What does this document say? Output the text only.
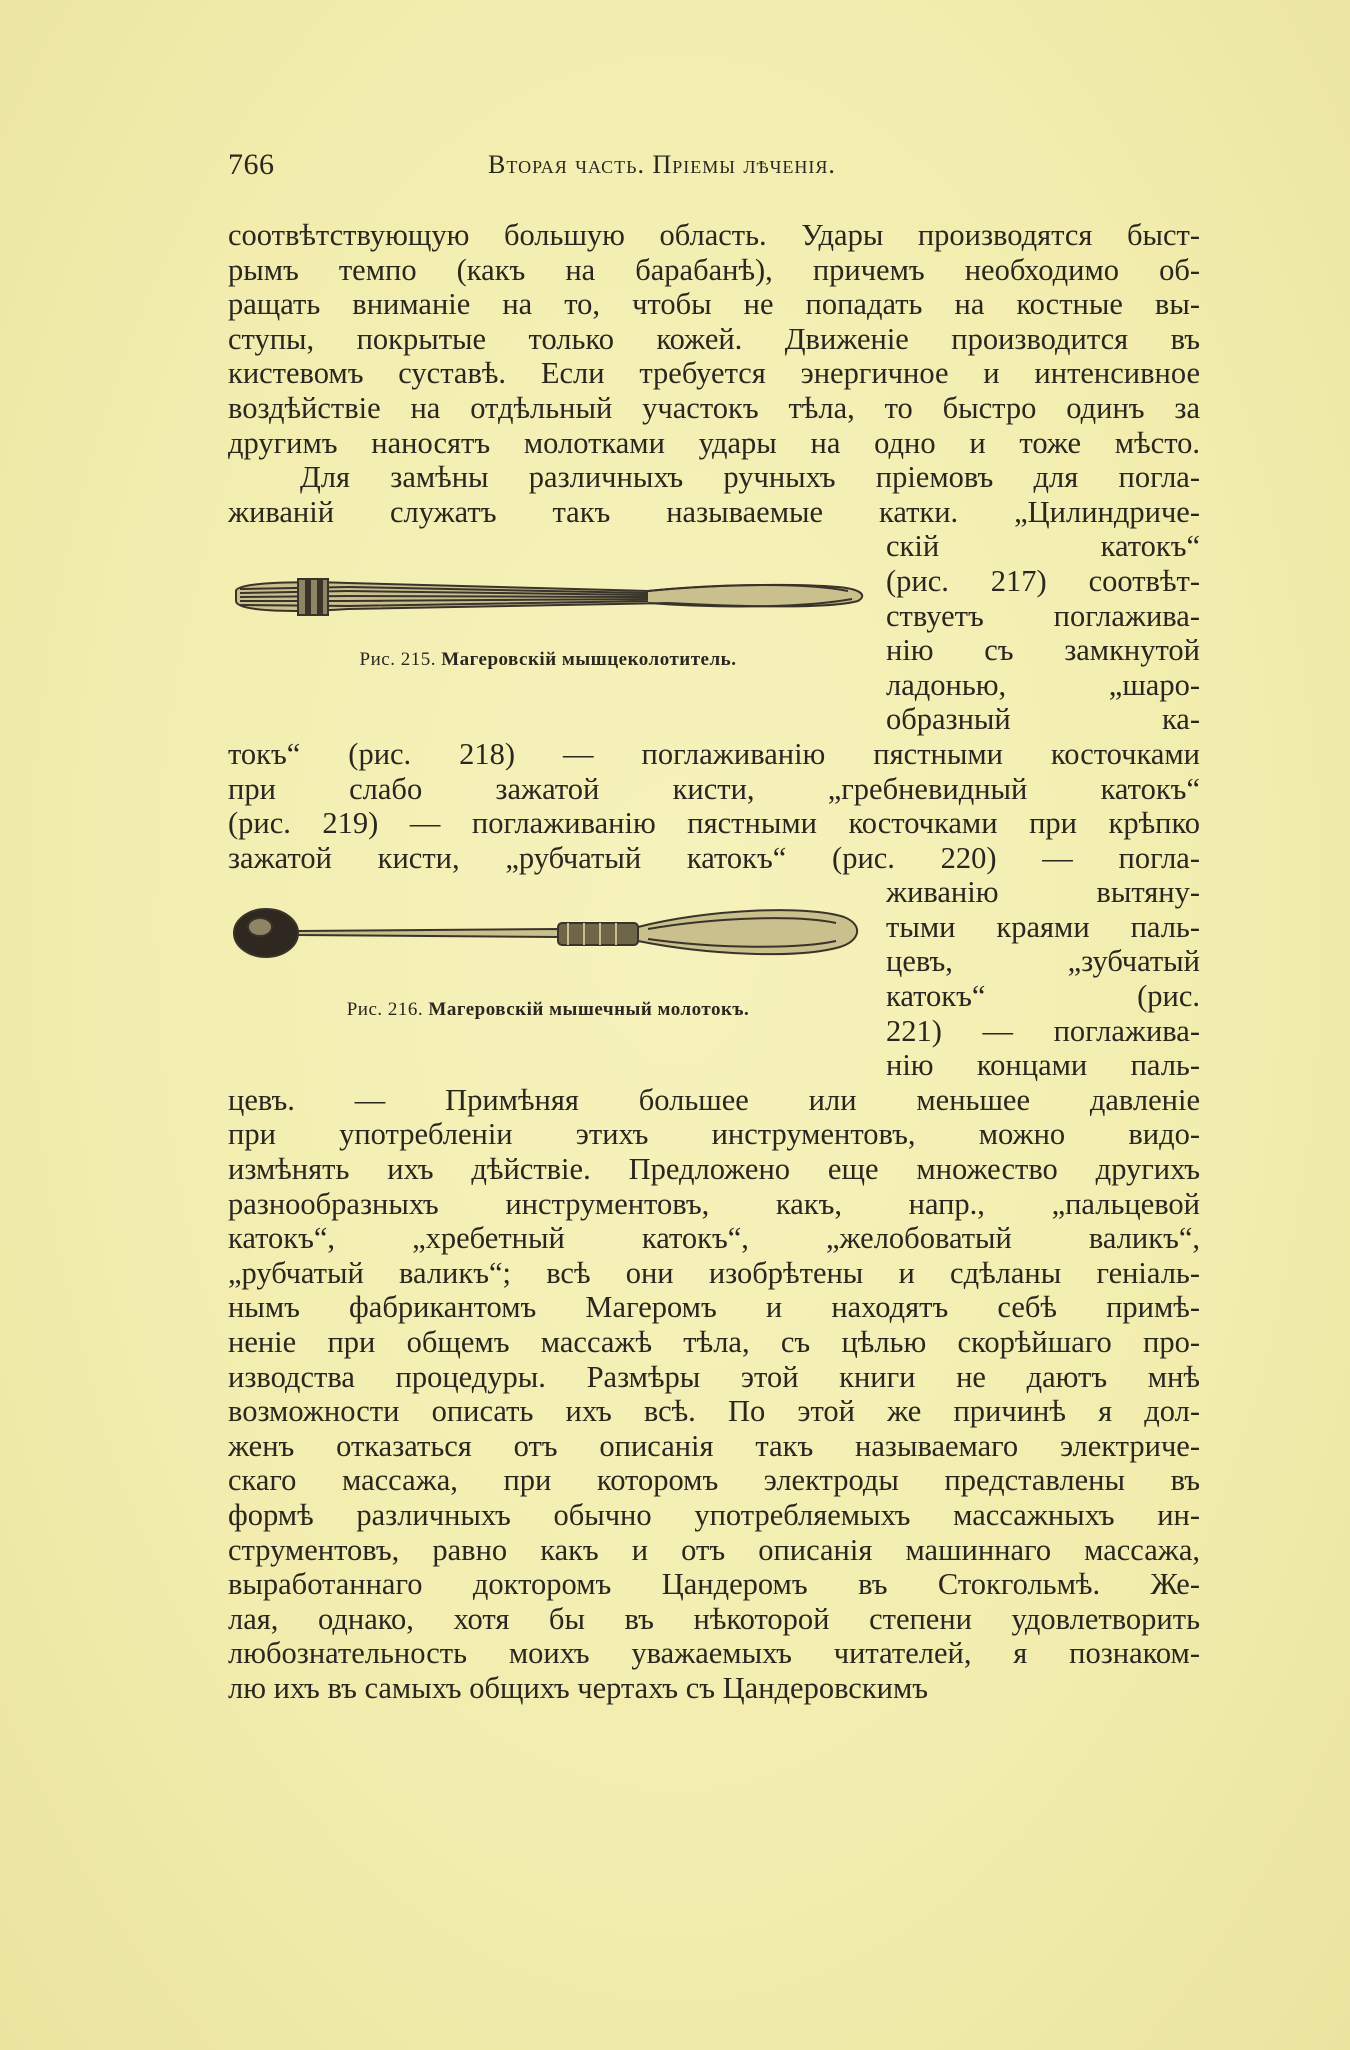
766	Вторая часть. Пріемы лѣченія.
соотвѣтствующую большую область. Удары производятся быст-
рымъ темпо (какъ на барабанѣ), причемъ необходимо об-
ращать вниманіе на то, чтобы не попадать на костные вы-
ступы, покрытые только кожей. Движеніе производится въ
кистевомъ суставѣ. Если требуется энергичное и интенсивное
воздѣйствіе на отдѣльный участокъ тѣла, то быстро одинъ за
другимъ наносятъ молотками удары на одно и тоже мѣсто.
Для замѣны различныхъ ручныхъ пріемовъ для погла-
живаній служатъ такъ называемые катки. „Цилиндриче-
Рис. 215. Магеровскій мышцеколотитель.
скій катокъ“
(рис. 217) соотвѣт-
ствуетъ поглажива-
нію съ замкнутой
ладонью, „шаро-
образный ка-
токъ“ (рис. 218) — поглаживанію пястными косточками
при слабо зажатой кисти, „гребневидный катокъ“
(рис. 219) — поглаживанію пястными косточками при крѣпко
зажатой кисти, „рубчатый катокъ“ (рис. 220) — погла-
Рис. 216. Магеровскій мышечный молотокъ.
живанію вытяну-
тыми краями паль-
цевъ, „зубчатый
катокъ“ (рис.
221) — поглажива-
нію концами паль-
цевъ. — Примѣняя большее или меньшее давленіе
при употребленіи этихъ инструментовъ, можно видо-
измѣнять ихъ дѣйствіе. Предложено еще множество другихъ
разнообразныхъ инструментовъ, какъ, напр., „пальцевой
катокъ“, „хребетный катокъ“, „желобоватый валикъ“,
„рубчатый валикъ“; всѣ они изобрѣтены и сдѣланы геніаль-
нымъ фабрикантомъ Магеромъ и находятъ себѣ примѣ-
неніе при общемъ массажѣ тѣла, съ цѣлью скорѣйшаго про-
изводства процедуры. Размѣры этой книги не даютъ мнѣ
возможности описать ихъ всѣ. По этой же причинѣ я дол-
женъ отказаться отъ описанія такъ называемаго электриче-
скаго массажа, при которомъ электроды представлены въ
формѣ различныхъ обычно употребляемыхъ массажныхъ ин-
струментовъ, равно какъ и отъ описанія машиннаго массажа,
выработаннаго докторомъ Цандеромъ въ Стокгольмѣ. Же-
лая, однако, хотя бы въ нѣкоторой степени удовлетворить
любознательность моихъ уважаемыхъ читателей, я познаком-
лю ихъ въ самыхъ общихъ чертахъ съ Цандеровскимъ
